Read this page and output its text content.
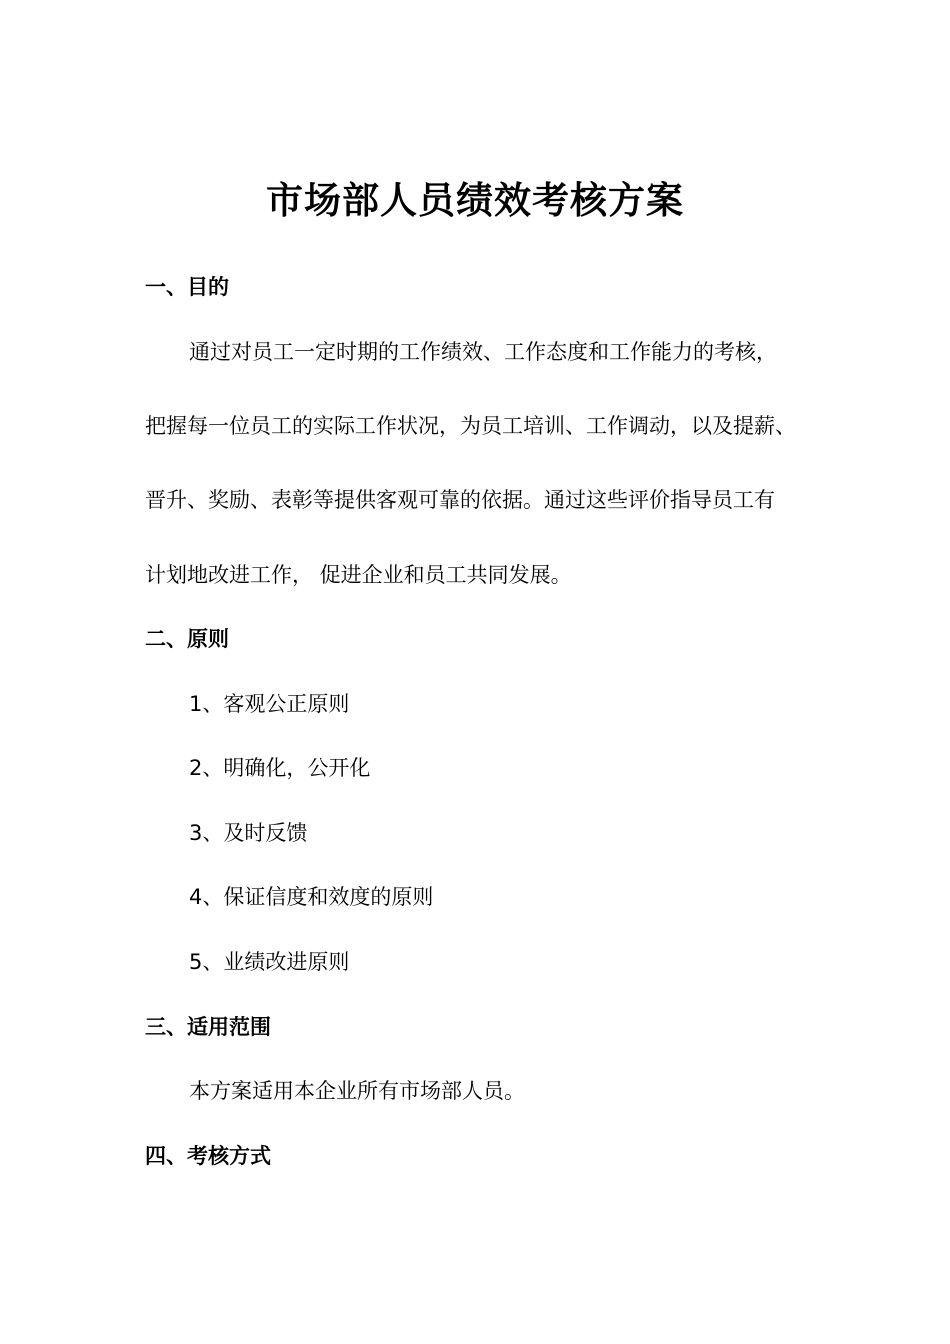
市场部人员绩效考核方案
一、目的
通过对员工一定时期的工作绩效、工作态度和工作能力的考核，
把握每一位员工的实际工作状况，为员工培训、工作调动，以及提薪、
晋升、奖励、表彰等提供客观可靠的依据。通过这些评价指导员工有
计划地改进工作， 促进企业和员工共同发展。
二、原则
1、客观公正原则
2、明确化，公开化
3、及时反馈
4、保证信度和效度的原则
5、业绩改进原则
三、适用范围
本方案适用本企业所有市场部人员。
四、考核方式
